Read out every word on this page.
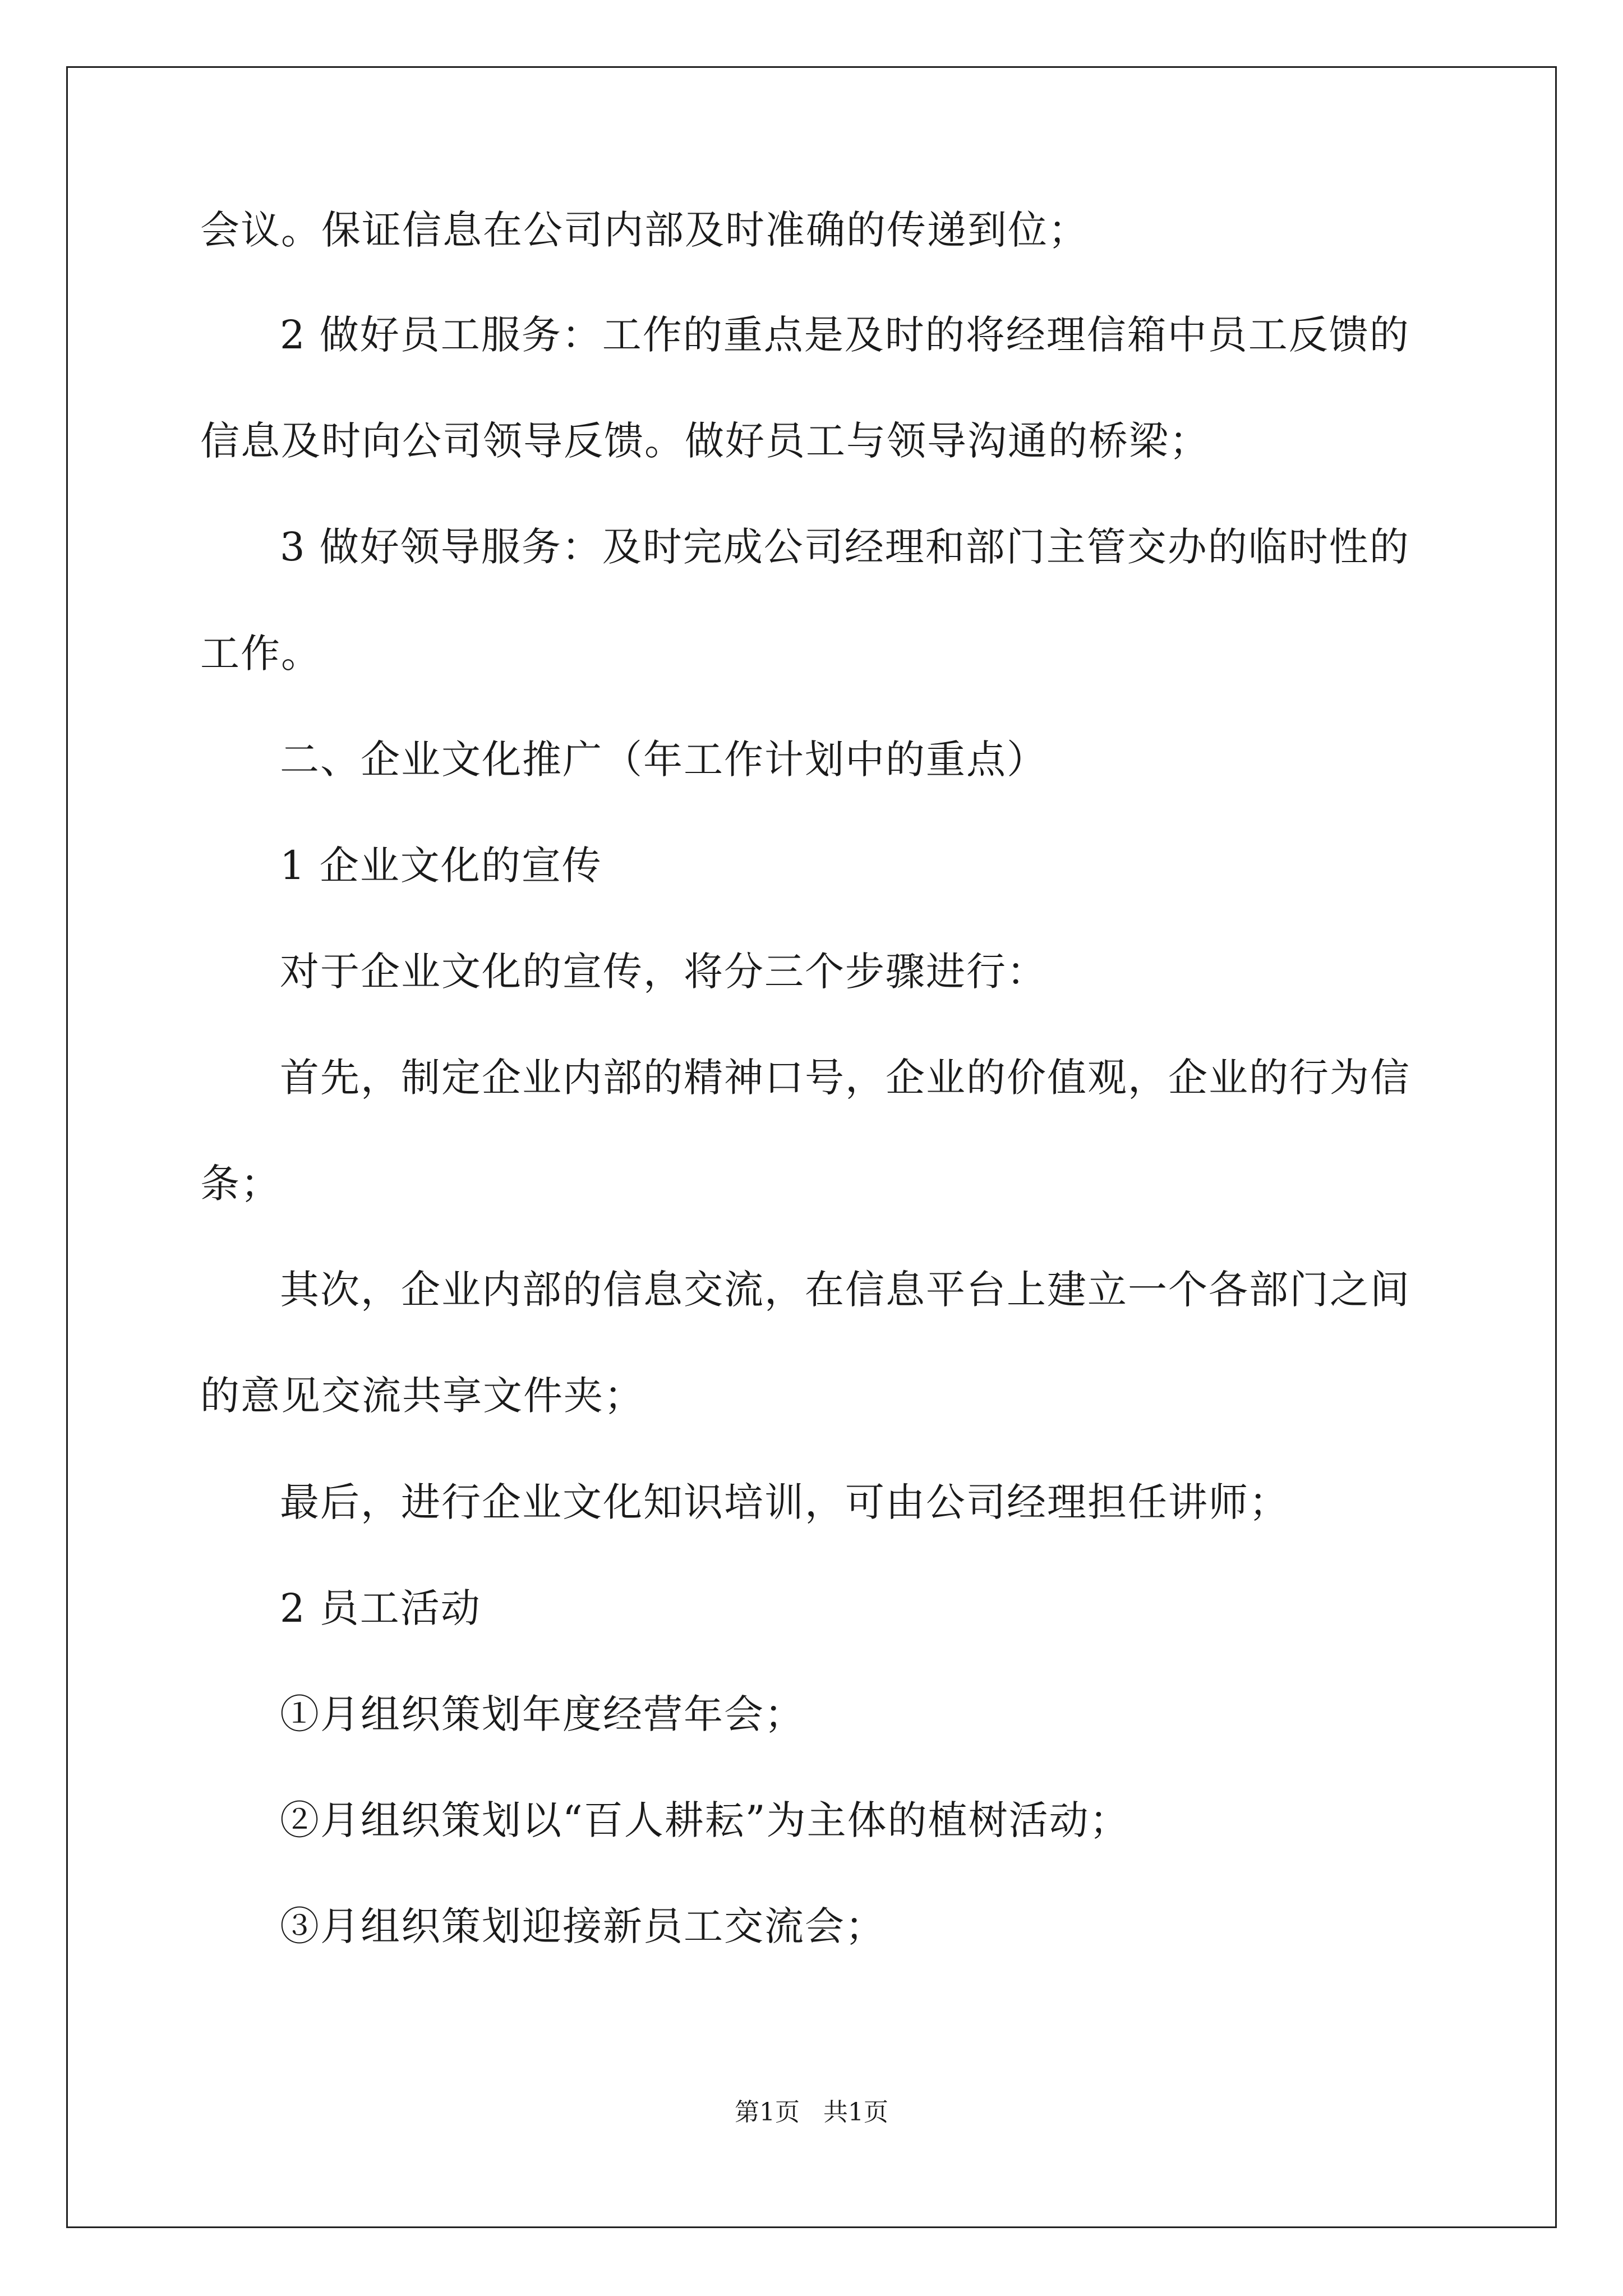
会议。保证信息在公司内部及时准确的传递到位；
2 做好员工服务：工作的重点是及时的将经理信箱中员工反馈的
信息及时向公司领导反馈。做好员工与领导沟通的桥梁；
3 做好领导服务：及时完成公司经理和部门主管交办的临时性的
工作。
二、企业文化推广（年工作计划中的重点）
1 企业文化的宣传
对于企业文化的宣传，将分三个步骤进行：
首先，制定企业内部的精神口号，企业的价值观，企业的行为信
条；
其次，企业内部的信息交流，在信息平台上建立一个各部门之间
的意见交流共享文件夹；
最后，进行企业文化知识培训，可由公司经理担任讲师；
2 员工活动
①月组织策划年度经营年会；
②月组织策划以“百人耕耘”为主体的植树活动；
③月组织策划迎接新员工交流会；
第1页   共1页
